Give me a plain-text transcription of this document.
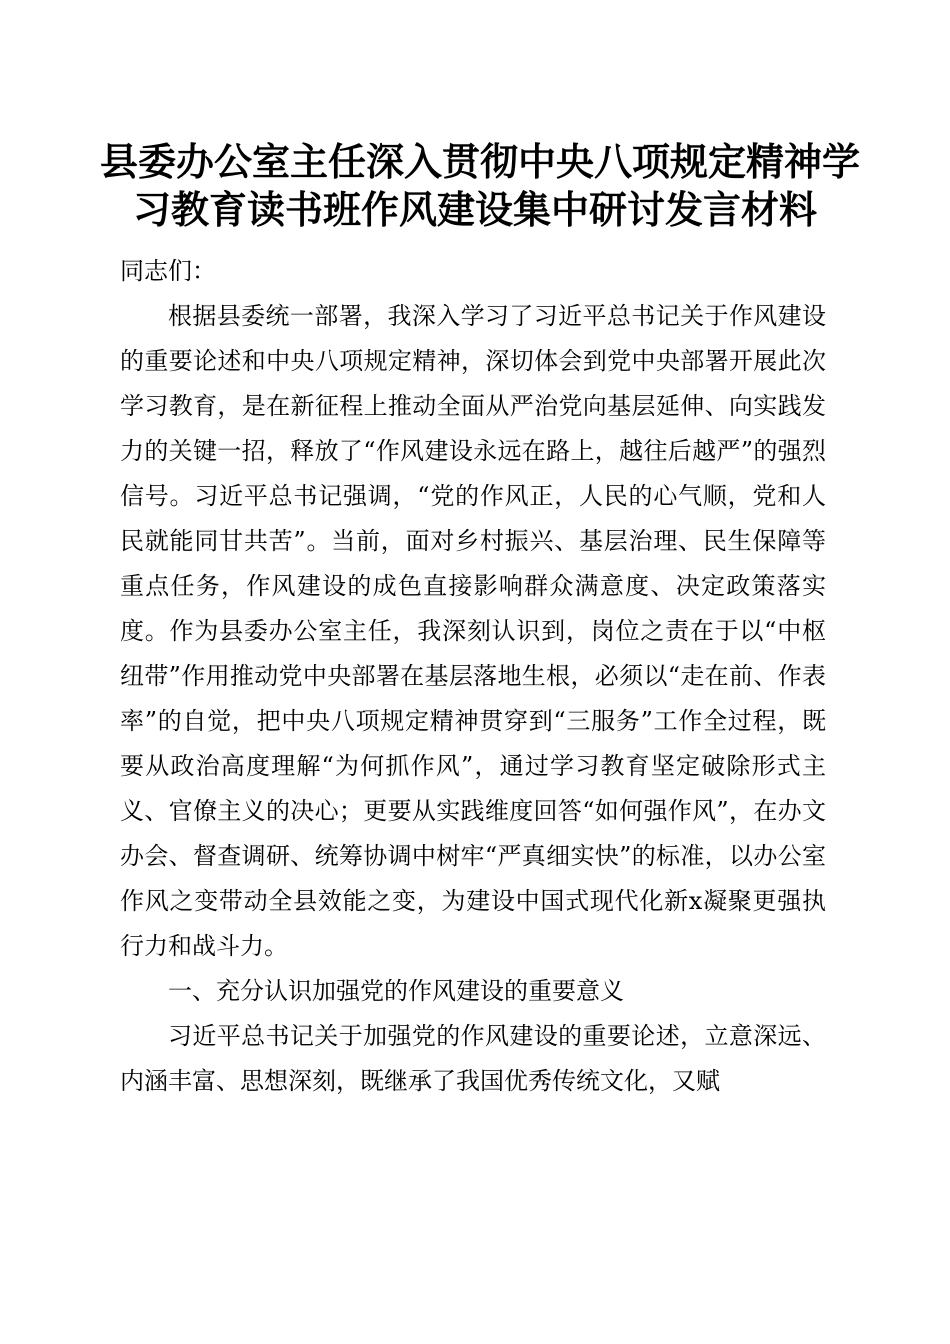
县委办公室主任深入贯彻中央八项规定精神学
习教育读书班作风建设集中研讨发言材料

同志们：

根据县委统一部署，我深入学习了习近平总书记关于作风建设的重要论述和中央八项规定精神，深切体会到党中央部署开展此次学习教育，是在新征程上推动全面从严治党向基层延伸、向实践发力的关键一招，释放了“作风建设永远在路上，越往后越严”的强烈信号。习近平总书记强调，“党的作风正，人民的心气顺，党和人民就能同甘共苦”。当前，面对乡村振兴、基层治理、民生保障等重点任务，作风建设的成色直接影响群众满意度、决定政策落实度。作为县委办公室主任，我深刻认识到，岗位之责在于以“中枢纽带”作用推动党中央部署在基层落地生根，必须以“走在前、作表率”的自觉，把中央八项规定精神贯穿到“三服务”工作全过程，既要从政治高度理解“为何抓作风”，通过学习教育坚定破除形式主义、官僚主义的决心；更要从实践维度回答“如何强作风”，在办文办会、督查调研、统筹协调中树牢“严真细实快”的标准，以办公室作风之变带动全县效能之变，为建设中国式现代化新x凝聚更强执行力和战斗力。

一、充分认识加强党的作风建设的重要意义

习近平总书记关于加强党的作风建设的重要论述，立意深远、内涵丰富、思想深刻，既继承了我国优秀传统文化，又赋
